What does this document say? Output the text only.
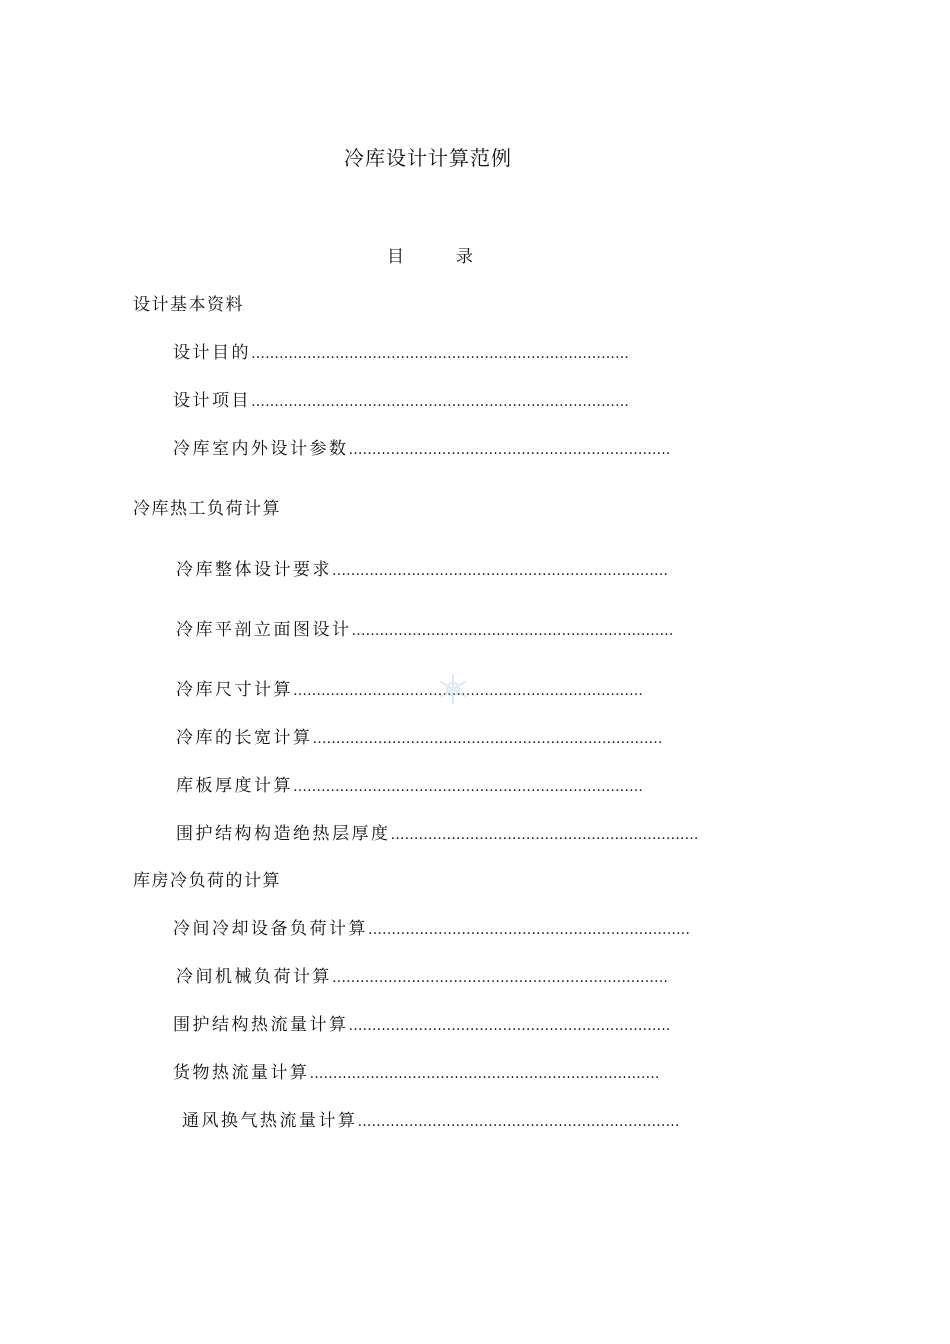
冷库设计计算范例
目	录
设计基本资料
设计目的 ………………………………………………………………………
设计项目 ………………………………………………………………………
冷库室内外设计参数 ……………………………………………………………
冷库热工负荷计算
冷库整体设计要求 ………………………………………………………………
冷库平剖立面图设计 ……………………………………………………………
冷库尺寸计算 …………………………………………………………………
冷库的长宽计算 …………………………………………………………………
库板厚度计算 …………………………………………………………………
围护结构构造绝热层厚度 …………………………………………………………
库房冷负荷的计算
冷间冷却设备负荷计算 ……………………………………………………………
冷间机械负荷计算 ………………………………………………………………
围护结构热流量计算 ……………………………………………………………
货物热流量计算 …………………………………………………………………
通风换气热流量计算 ……………………………………………………………
